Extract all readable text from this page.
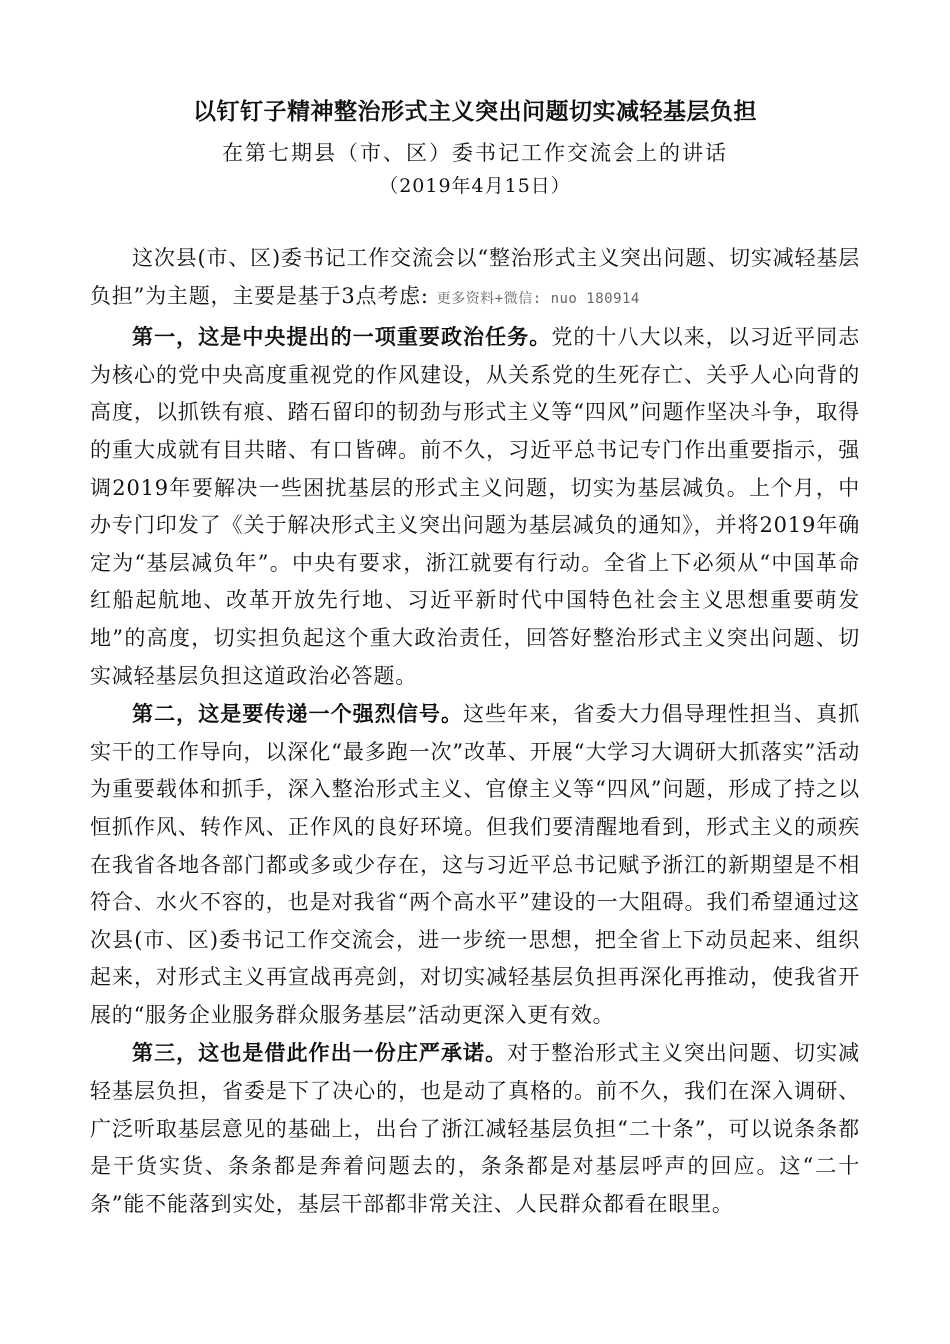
以钉钉子精神整治形式主义突出问题切实减轻基层负担
在第七期县（市、区）委书记工作交流会上的讲话
（2019年4月15日）

这次县(市、区)委书记工作交流会以“整治形式主义突出问题、切实减轻基层负担”为主题，主要是基于3点考虑: 更多资料+微信: nuo 180914

第一，这是中央提出的一项重要政治任务。党的十八大以来，以习近平同志为核心的党中央高度重视党的作风建设，从关系党的生死存亡、关乎人心向背的高度，以抓铁有痕、踏石留印的韧劲与形式主义等“四风”问题作坚决斗争，取得的重大成就有目共睹、有口皆碑。前不久，习近平总书记专门作出重要指示，强调2019年要解决一些困扰基层的形式主义问题，切实为基层减负。上个月，中办专门印发了《关于解决形式主义突出问题为基层减负的通知》，并将2019年确定为“基层减负年”。中央有要求，浙江就要有行动。全省上下必须从“中国革命红船起航地、改革开放先行地、习近平新时代中国特色社会主义思想重要萌发地”的高度，切实担负起这个重大政治责任，回答好整治形式主义突出问题、切实减轻基层负担这道政治必答题。

第二，这是要传递一个强烈信号。这些年来，省委大力倡导理性担当、真抓实干的工作导向，以深化“最多跑一次”改革、开展“大学习大调研大抓落实”活动为重要载体和抓手，深入整治形式主义、官僚主义等“四风”问题，形成了持之以恒抓作风、转作风、正作风的良好环境。但我们要清醒地看到，形式主义的顽疾在我省各地各部门都或多或少存在，这与习近平总书记赋予浙江的新期望是不相符合、水火不容的，也是对我省“两个高水平”建设的一大阻碍。我们希望通过这次县(市、区)委书记工作交流会，进一步统一思想，把全省上下动员起来、组织起来，对形式主义再宣战再亮剑，对切实减轻基层负担再深化再推动，使我省开展的“服务企业服务群众服务基层”活动更深入更有效。

第三，这也是借此作出一份庄严承诺。对于整治形式主义突出问题、切实减轻基层负担，省委是下了决心的，也是动了真格的。前不久，我们在深入调研、广泛听取基层意见的基础上，出台了浙江减轻基层负担“二十条”，可以说条条都是干货实货、条条都是奔着问题去的，条条都是对基层呼声的回应。这“二十条”能不能落到实处，基层干部都非常关注、人民群众都看在眼里。
